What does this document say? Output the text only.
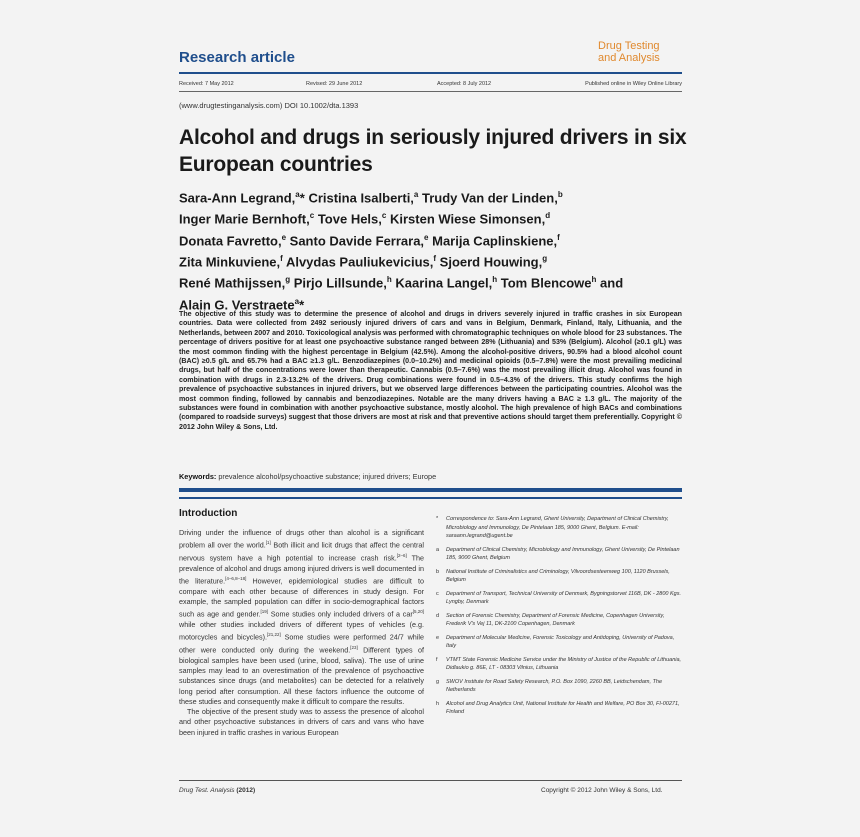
Research article
Drug Testing
and Analysis
Received: 7 May 2012	Revised: 29 June 2012	Accepted: 8 July 2012	Published online in Wiley Online Library
(www.drugtestinganalysis.com) DOI 10.1002/dta.1393
Alcohol and drugs in seriously injured drivers in six European countries
Sara-Ann Legrand,$^a$* Cristina Isalberti,$^a$ Trudy Van der Linden,$^b$
Inger Marie Bernhoft,$^c$ Tove Hels,$^c$ Kirsten Wiese Simonsen,$^d$
Donata Favretto,$^e$ Santo Davide Ferrara,$^e$ Marija Caplinskiene,$^f$
Zita Minkuviene,$^f$ Alvydas Pauliukevicius,$^f$ Sjoerd Houwing,$^g$
René Mathijssen,$^g$ Pirjo Lillsunde,$^h$ Kaarina Langel,$^h$ Tom Blencowe$^h$ and
Alain G. Verstraete$^a$*
The objective of this study was to determine the presence of alcohol and drugs in drivers severely injured in traffic crashes in six European countries. Data were collected from 2492 seriously injured drivers of cars and vans in Belgium, Denmark, Finland, Italy, Lithuania, and the Netherlands, between 2007 and 2010. Toxicological analysis was performed with chromatographic techniques on whole blood for 23 substances. The percentage of drivers positive for at least one psychoactive substance ranged between 28% (Lithuania) and 53% (Belgium). Alcohol (≥0.1 g/L) was the most common finding with the highest percentage in Belgium (42.5%). Among the alcohol-positive drivers, 90.5% had a blood alcohol count (BAC) ≥0.5 g/L and 65.7% had a BAC ≥1.3 g/L. Benzodiazepines (0.0–10.2%) and medicinal opioids (0.5–7.8%) were the most prevailing medicinal drugs, but half of the concentrations were lower than therapeutic. Cannabis (0.5–7.6%) was the most prevailing illicit drug. Alcohol was found in combination with drugs in 2.3-13.2% of the drivers. Drug combinations were found in 0.5–4.3% of the drivers. This study confirms the high prevalence of psychoactive substances in injured drivers, but we observed large differences between the participating countries. Alcohol was the most common finding, followed by cannabis and benzodiazepines. Notable are the many drivers having a BAC ≥ 1.3 g/L. The majority of the substances were found in combination with another psychoactive substance, mostly alcohol. The high prevalence of high BACs and combinations (compared to roadside surveys) suggest that those drivers are most at risk and that preventive actions should target them preferentially. Copyright © 2012 John Wiley & Sons, Ltd.
Keywords: prevalence alcohol/psychoactive substance; injured drivers; Europe
Introduction

Driving under the influence of drugs other than alcohol is a significant problem all over the world.[1] Both illicit and licit drugs that affect the central nervous system have a high potential to increase crash risk.[2–6] The prevalence of alcohol and drugs among injured drivers is well documented in the literature.[4–6,8–18] However, epidemiological studies are difficult to compare with each other because of differences in study design. For example, the sampled population can differ in socio-demographical factors such as age and gender.[19] Some studies only included drivers of a car[5,20] while other studies included drivers of different types of vehicles (e.g. motorcycles and bicycles).[21,22] Some studies were performed 24/7 while other were conducted only during the weekend.[23] Different types of biological samples have been used (urine, blood, saliva). The use of urine samples may lead to an overestimation of the prevalence of psychoactive substances since drugs (and metabolites) can be detected for a relatively long period after consumption. All these factors influence the outcome of these studies and consequently make it difficult to compare the results.

The objective of the present study was to assess the presence of alcohol and other psychoactive substances in drivers of cars and vans who have been injured in traffic crashes in various European

* Correspondence to: Sara-Ann Legrand, Ghent University, Department of Clinical Chemistry, Microbiology and Immunology, De Pintelaan 185, 9000 Ghent, Belgium. E-mail: saraann.legrand@ugent.be
a Department of Clinical Chemistry, Microbiology and Immunology, Ghent University, De Pintelaan 185, 9000 Ghent, Belgium
b National Institute of Criminalistics and Criminology, Vilvoordsesteenweg 100, 1120 Brussels, Belgium
c Department of Transport, Technical University of Denmark, Bygningstorvet 116B, DK - 2800 Kgs. Lyngby, Denmark
d Section of Forensic Chemistry, Department of Forensic Medicine, Copenhagen University, Frederik V's Vej 11, DK-2100 Copenhagen, Denmark
e Department of Molecular Medicine, Forensic Toxicology and Antidoping, University of Padova, Italy
f VTMT State Forensic Medicine Service under the Ministry of Justice of the Republic of Lithuania, Didlaukio g. 86E, LT - 08303 Vilnius, Lithuania
g SWOV Institute for Road Safety Research, P.O. Box 1090, 2260 BB, Leidschendam, The Netherlands
h Alcohol and Drug Analytics Unit, National Institute for Health and Welfare, PO Box 30, FI-00271, Finland
Drug Test. Analysis (2012)	Copyright © 2012 John Wiley & Sons, Ltd.
